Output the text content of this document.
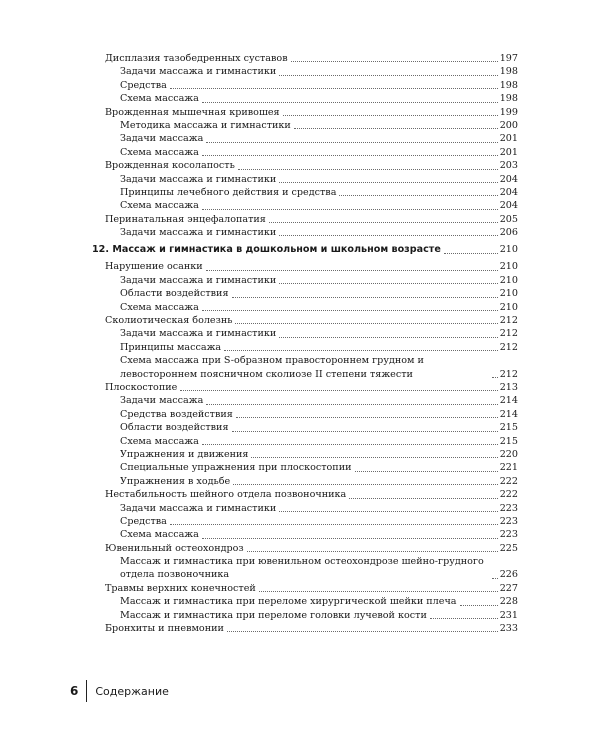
Дисплазия тазобедренных суставов	197
Задачи массажа и гимнастики	198
Средства	198
Схема массажа	198
Врожденная мышечная кривошея	199
Методика массажа и гимнастики	200
Задачи массажа	201
Схема массажа	201
Врожденная косолапость	203
Задачи массажа и гимнастики	204
Принципы лечебного действия и средства	204
Схема массажа	204
Перинатальная энцефалопатия	205
Задачи массажа и гимнастики	206
12. Массаж и гимнастика в дошкольном и школьном возрасте	210
Нарушение осанки	210
Задачи массажа и гимнастики	210
Области воздействия	210
Схема массажа	210
Сколиотическая болезнь	212
Задачи массажа и гимнастики	212
Принципы массажа	212
Схема массажа при S-образном правостороннем грудном и левостороннем поясничном сколиозе II степени тяжести	212
Плоскостопие	213
Задачи массажа	214
Средства воздействия	214
Области воздействия	215
Схема массажа	215
Упражнения и движения	220
Специальные упражнения при плоскостопии	221
Упражнения в ходьбе	222
Нестабильность шейного отдела позвоночника	222
Задачи массажа и гимнастики	223
Средства	223
Схема массажа	223
Ювенильный остеохондроз	225
Массаж и гимнастика при ювенильном остеохондрозе шейно-грудного отдела позвоночника	226
Травмы верхних конечностей	227
Массаж и гимнастика при переломе хирургической шейки плеча	228
Массаж и гимнастика при переломе головки лучевой кости	231
Бронхиты и пневмонии	233
6 Содержание
